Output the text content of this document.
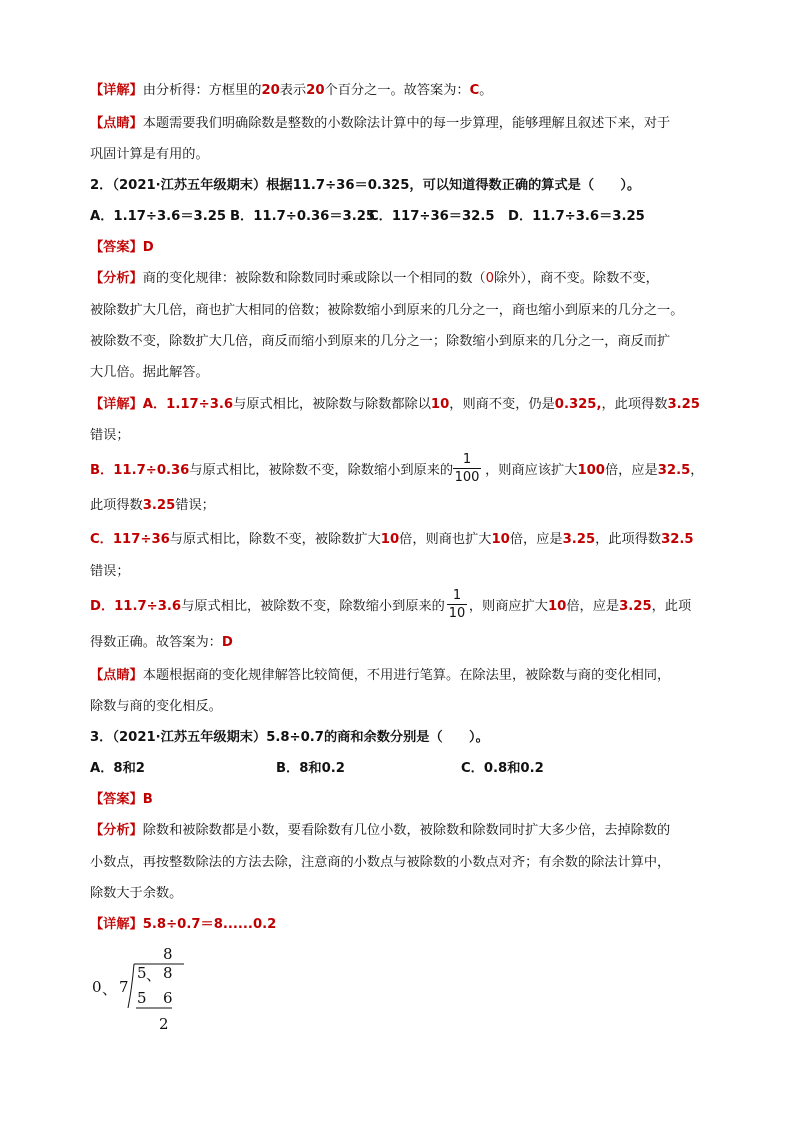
【详解】由分析得：方框里的20表示20个百分之一。故答案为：C。
【点睛】本题需要我们明确除数是整数的小数除法计算中的每一步算理，能够理解且叙述下来，对于
巩固计算是有用的。
2．（2021·江苏五年级期末）根据11.7÷36＝0.325，可以知道得数正确的算式是（　　）。
A．1.17÷3.6＝3.25 B．11.7÷0.36＝3.25
C．117÷36＝32.5 D．11.7÷3.6＝3.25
【答案】D
【分析】商的变化规律：被除数和除数同时乘或除以一个相同的数（0除外），商不变。除数不变，
被除数扩大几倍，商也扩大相同的倍数；被除数缩小到原来的几分之一，商也缩小到原来的几分之一。
被除数不变，除数扩大几倍，商反而缩小到原来的几分之一；除数缩小到原来的几分之一，商反而扩
大几倍。据此解答。
【详解】A．1.17÷3.6与原式相比，被除数与除数都除以10，则商不变，仍是0.325,，此项得数3.25
错误；
B．11.7÷0.36与原式相比，被除数不变，除数缩小到原来的 ，则商应该扩大100倍，应是32.5，
1
100
此项得数3.25错误；
C．117÷36与原式相比，除数不变，被除数扩大10倍，则商也扩大10倍，应是3.25，此项得数32.5
错误；
D．11.7÷3.6与原式相比，被除数不变，除数缩小到原来的 ，则商应扩大10倍，应是3.25，此项
1
10
得数正确。故答案为：D
【点睛】本题根据商的变化规律解答比较简便，不用进行笔算。在除法里，被除数与商的变化相同，
除数与商的变化相反。
3．（2021·江苏五年级期末）5.8÷0.7的商和余数分别是（　　）。
A．8和2	B．8和0.2	C．0.8和0.2
【答案】B
【分析】除数和被除数都是小数，要看除数有几位小数，被除数和除数同时扩大多少倍，去掉除数的
小数点，再按整数除法的方法去除，注意商的小数点与被除数的小数点对齐；有余数的除法计算中，
除数大于余数。
【详解】5.8÷0.7＝8......0.2
8
0 、 7
5 、 8
5 6
2
